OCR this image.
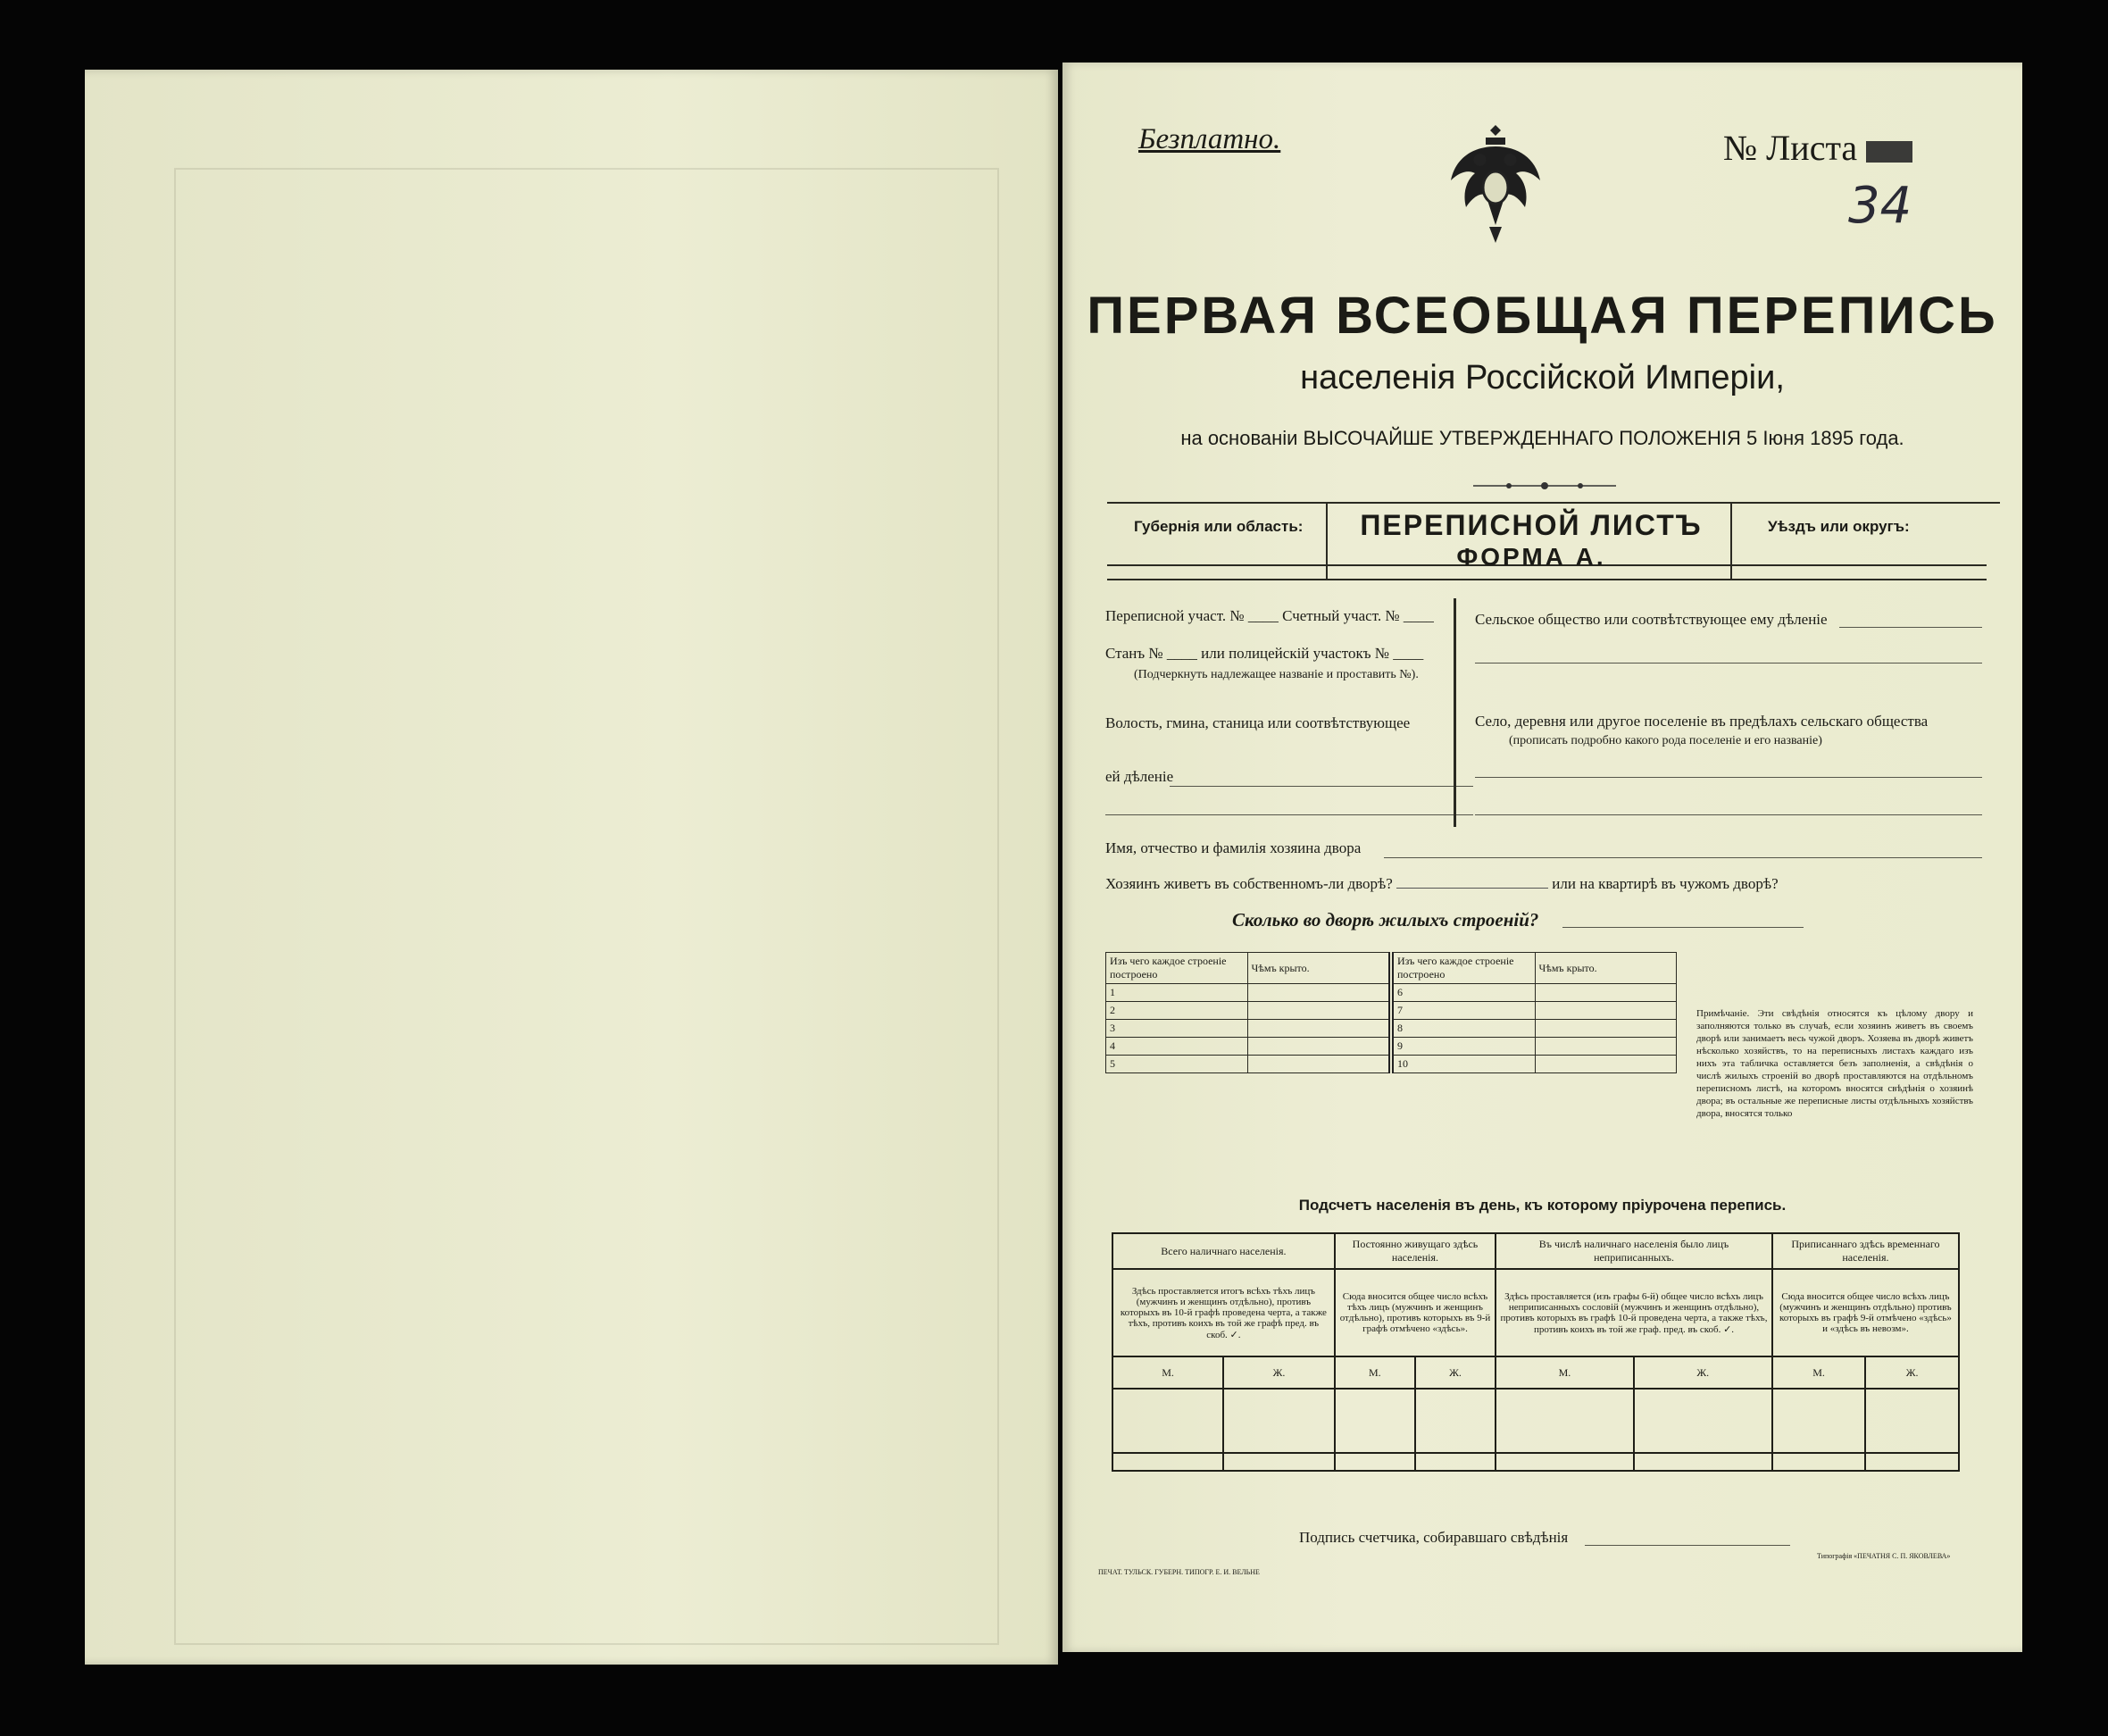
Безплатно.	№ Листа
34
ПЕРВАЯ ВСЕОБЩАЯ ПЕРЕПИСЬ
населенія Россійской Имперіи,
на основаніи ВЫСОЧАЙШЕ УТВЕРЖДЕННАГО ПОЛОЖЕНІЯ 5 Іюня 1895 года.
Губернія или область:	ПЕРЕПИСНОЙ ЛИСТЪ
ФОРМА А.
Уѣздъ или округъ:
Переписной участ. № ____ Счетный участ. № ____
Станъ № ____ или полицейскій участокъ № ____
(Подчеркнуть надлежащее названіе и проставить №).
Волость, гмина, станица или соотвѣтствующее
ей дѣленіе
Сельское общество или соотвѣтствующее ему дѣленіе
Село, деревня или другое поселеніе въ предѣлахъ сельскаго общества
(прописать подробно какого рода поселеніе и его названіе)
Имя, отчество и фамилія хозяина двора
Хозяинъ живетъ въ собственномъ-ли дворѣ?	или на квартирѣ въ чужомъ дворѣ?
Сколько во дворѣ жилыхъ строеній?
Изъ чего каждое строеніе построено	Чѣмъ крыто.	Изъ чего каждое строеніе построено	Чѣмъ крыто.
1		6	
2		7	
3		8	
4		9	
5		10	
Примѣчаніе. Эти свѣдѣнія относятся къ цѣлому двору и заполняются только въ случаѣ, если хозяинъ живетъ въ своемъ дворѣ или занимаетъ весь чужой дворъ. Хозяева въ дворѣ живетъ нѣсколько хозяйствъ, то на переписныхъ листахъ каждаго изъ нихъ эта табличка оставляется безъ заполненія, а свѣдѣнія о числѣ жилыхъ строеній во дворѣ проставляются на отдѣльномъ переписномъ листѣ, на которомъ вносятся свѣдѣнія о хозяинѣ двора; въ остальные же переписные листы отдѣльныхъ хозяйствъ двора, вносятся только
Подсчетъ населенія въ день, къ которому пріурочена перепись.
Всего наличнаго населенія.		Постоянно живущаго здѣсь населенія.		Въ числѣ наличнаго населенія было лицъ неприписанныхъ.		Приписаннаго здѣсь временнаго населенія.	
Здѣсь проставляется итогъ всѣхъ тѣхъ лицъ (мужчинъ и женщинъ отдѣльно), противъ которыхъ въ 10-й графѣ проведена черта, а также тѣхъ, противъ коихъ въ той же графѣ пред. въ скоб. ✓.		Сюда вносится общее число всѣхъ тѣхъ лицъ (мужчинъ и женщинъ отдѣльно), противъ которыхъ въ 9-й графѣ отмѣчено «здѣсь».		Здѣсь проставляется (изъ графы 6-й) общее число всѣхъ лицъ неприписанныхъ сословій (мужчинъ и женщинъ отдѣльно), противъ которыхъ въ графѣ 10-й проведена черта, а также тѣхъ, противъ коихъ въ той же граф. пред. въ скоб. ✓.		Сюда вносится общее число всѣхъ лицъ (мужчинъ и женщинъ отдѣльно) противъ которыхъ въ графѣ 9-й отмѣчено «здѣсь» и «здѣсь въ невозм».	
М.	Ж.	М.	Ж.	М.	Ж.	М.	Ж.

Подпись счетчика, собиравшаго свѣдѣнія
ПЕЧАТ. ТУЛЬСК. ГУБЕРН. ТИПОГР. Е. И. ВЕЛЬНЕ
Типографія «ПЕЧАТНЯ С. П. ЯКОВЛЕВА»
